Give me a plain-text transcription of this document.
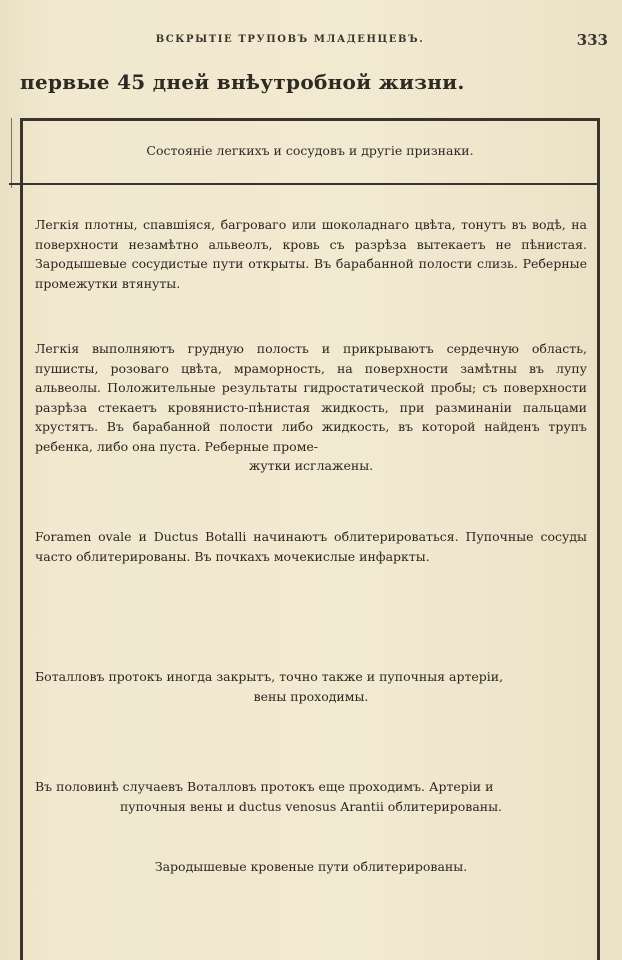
ВСКРЫТІЕ ТРУПОВЪ МЛАДЕНЦЕВЪ.	333
первые 45 дней внѣутробной жизни.
Состояніе легкихъ и сосудовъ и другіе признаки.
Легкія плотны, спавшіяся, багроваго или шоколаднаго цвѣта, тонутъ въ водѣ, на поверхности незамѣтно альвеолъ, кровь съ разрѣза вытекаетъ не пѣнистая. Зародышевые сосудистые пути открыты. Въ барабанной полости слизь. Реберные промежутки втянуты.
Легкія выполняютъ грудную полость и прикрываютъ сердечную область, пушисты, розоваго цвѣта, мраморность, на поверхности замѣтны въ лупу альвеолы. Положительные результаты гидростатической пробы; съ поверхности разрѣза стекаетъ кровянисто-пѣнистая жидкость, при разминаніи пальцами хрустятъ. Въ барабанной полости либо жидкость, въ которой найденъ трупъ ребенка, либо она пуста. Реберные проме-
жутки исглажены.
Foramen ovale и Ductus Botalli начинаютъ облитерироваться. Пупочные сосуды часто облитерированы. Въ почкахъ мочекислые инфаркты.
Боталловъ протокъ иногда закрытъ, точно также и пупочныя артеріи,
вены проходимы.
Въ половинѣ случаевъ Воталловъ протокъ еще проходимъ. Артеріи и
пупочныя вены и ductus venosus Arantii облитерированы.
Зародышевые кровеные пути облитерированы.
